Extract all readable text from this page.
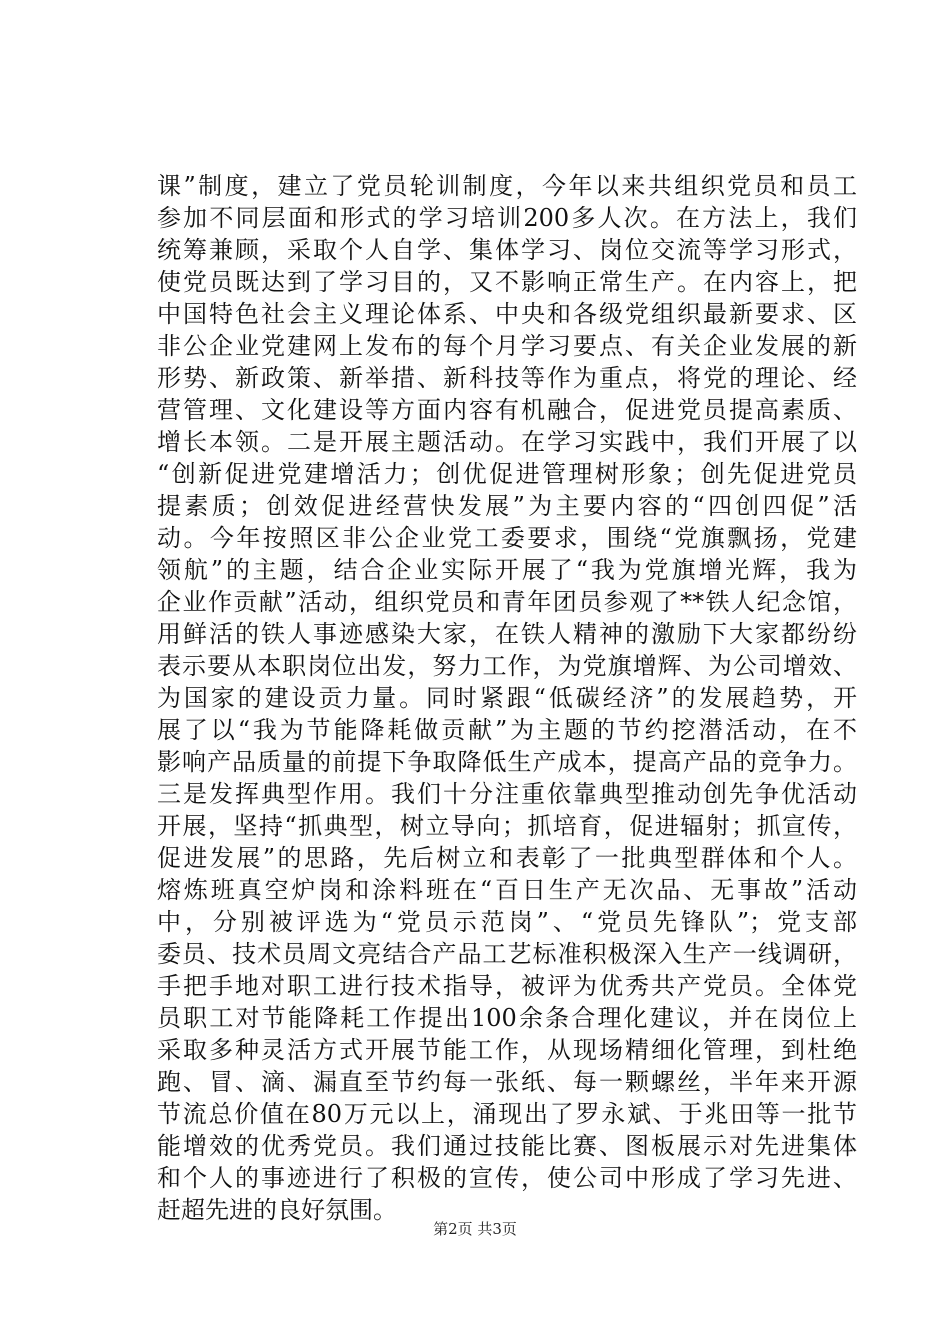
课”制度，建立了党员轮训制度，今年以来共组织党员和员工
参加不同层面和形式的学习培训200多人次。在方法上，我们
统筹兼顾，采取个人自学、集体学习、岗位交流等学习形式，
使党员既达到了学习目的，又不影响正常生产。在内容上，把
中国特色社会主义理论体系、中央和各级党组织最新要求、区
非公企业党建网上发布的每个月学习要点、有关企业发展的新
形势、新政策、新举措、新科技等作为重点，将党的理论、经
营管理、文化建设等方面内容有机融合，促进党员提高素质、
增长本领。二是开展主题活动。在学习实践中，我们开展了以
“创新促进党建增活力；创优促进管理树形象；创先促进党员
提素质；创效促进经营快发展”为主要内容的“四创四促”活
动。今年按照区非公企业党工委要求，围绕“党旗飘扬，党建
领航”的主题，结合企业实际开展了“我为党旗增光辉，我为
企业作贡献”活动，组织党员和青年团员参观了**铁人纪念馆，
用鲜活的铁人事迹感染大家，在铁人精神的激励下大家都纷纷
表示要从本职岗位出发，努力工作，为党旗增辉、为公司增效、
为国家的建设贡力量。同时紧跟“低碳经济”的发展趋势，开
展了以“我为节能降耗做贡献”为主题的节约挖潜活动，在不
影响产品质量的前提下争取降低生产成本，提高产品的竞争力。
三是发挥典型作用。我们十分注重依靠典型推动创先争优活动
开展，坚持“抓典型，树立导向；抓培育，促进辐射；抓宣传，
促进发展”的思路，先后树立和表彰了一批典型群体和个人。
熔炼班真空炉岗和涂料班在“百日生产无次品、无事故”活动
中，分别被评选为“党员示范岗”、“党员先锋队”；党支部
委员、技术员周文亮结合产品工艺标准积极深入生产一线调研，
手把手地对职工进行技术指导，被评为优秀共产党员。全体党
员职工对节能降耗工作提出100余条合理化建议，并在岗位上
采取多种灵活方式开展节能工作，从现场精细化管理，到杜绝
跑、冒、滴、漏直至节约每一张纸、每一颗螺丝，半年来开源
节流总价值在80万元以上，涌现出了罗永斌、于兆田等一批节
能增效的优秀党员。我们通过技能比赛、图板展示对先进集体
和个人的事迹进行了积极的宣传，使公司中形成了学习先进、
赶超先进的良好氛围。
第2页 共3页
